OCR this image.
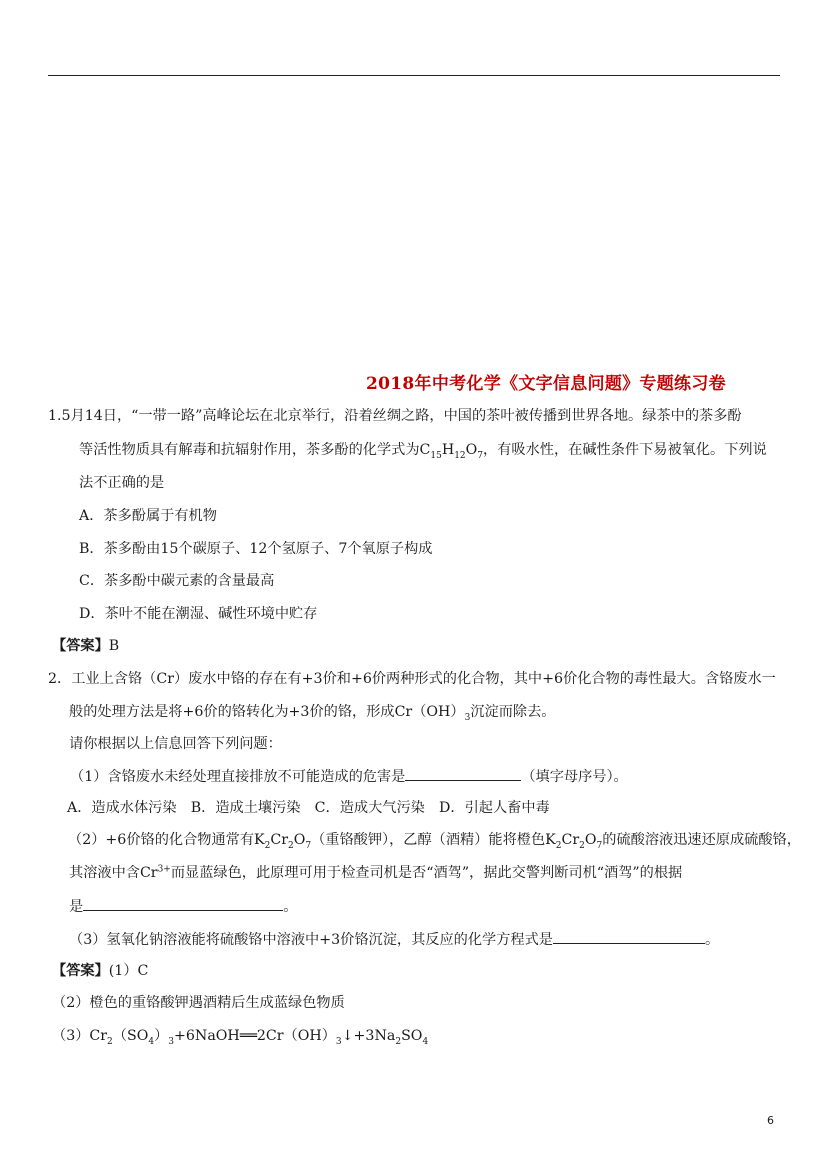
2018年中考化学《文字信息问题》专题练习卷
1.5月14日，“一带一路”高峰论坛在北京举行，沿着丝绸之路，中国的茶叶被传播到世界各地。绿茶中的茶多酚
等活性物质具有解毒和抗辐射作用，茶多酚的化学式为$C_{15}H_{12}O_7$，有吸水性，在碱性条件下易被氧化。下列说
法不正确的是
A．茶多酚属于有机物
B．茶多酚由15个碳原子、12个氢原子、7个氧原子构成
C．茶多酚中碳元素的含量最高
D．茶叶不能在潮湿、碱性环境中贮存
【答案】B
2．工业上含铬（Cr）废水中铬的存在有+3价和+6价两种形式的化合物，其中+6价化合物的毒性最大。含铬废水一
般的处理方法是将+6价的铬转化为+3价的铬，形成$Cr(OH)_3$沉淀而除去。
请你根据以上信息回答下列问题：
（1）含铬废水未经处理直接排放不可能造成的危害是	（填字母序号）。
A．造成水体污染　B．造成土壤污染　C．造成大气污染　D．引起人畜中毒
（2）+6价铬的化合物通常有$K_2Cr_2O_7$（重铬酸钾），乙醇（酒精）能将橙色$K_2Cr_2O_7$的硫酸溶液迅速还原成硫酸铬，
其溶液中含$Cr^{3+}$而显蓝绿色，此原理可用于检查司机是否“酒驾”，据此交警判断司机“酒驾”的根据
是	。
（3）氢氧化钠溶液能将硫酸铬中溶液中+3价铬沉淀，其反应的化学方程式是	。
【答案】(1）C
（2）橙色的重铬酸钾遇酒精后生成蓝绿色物质
$(3)Cr_2(SO_4)_3+6NaOH══2Cr(OH)_3↓+3Na_2SO_4$
6
